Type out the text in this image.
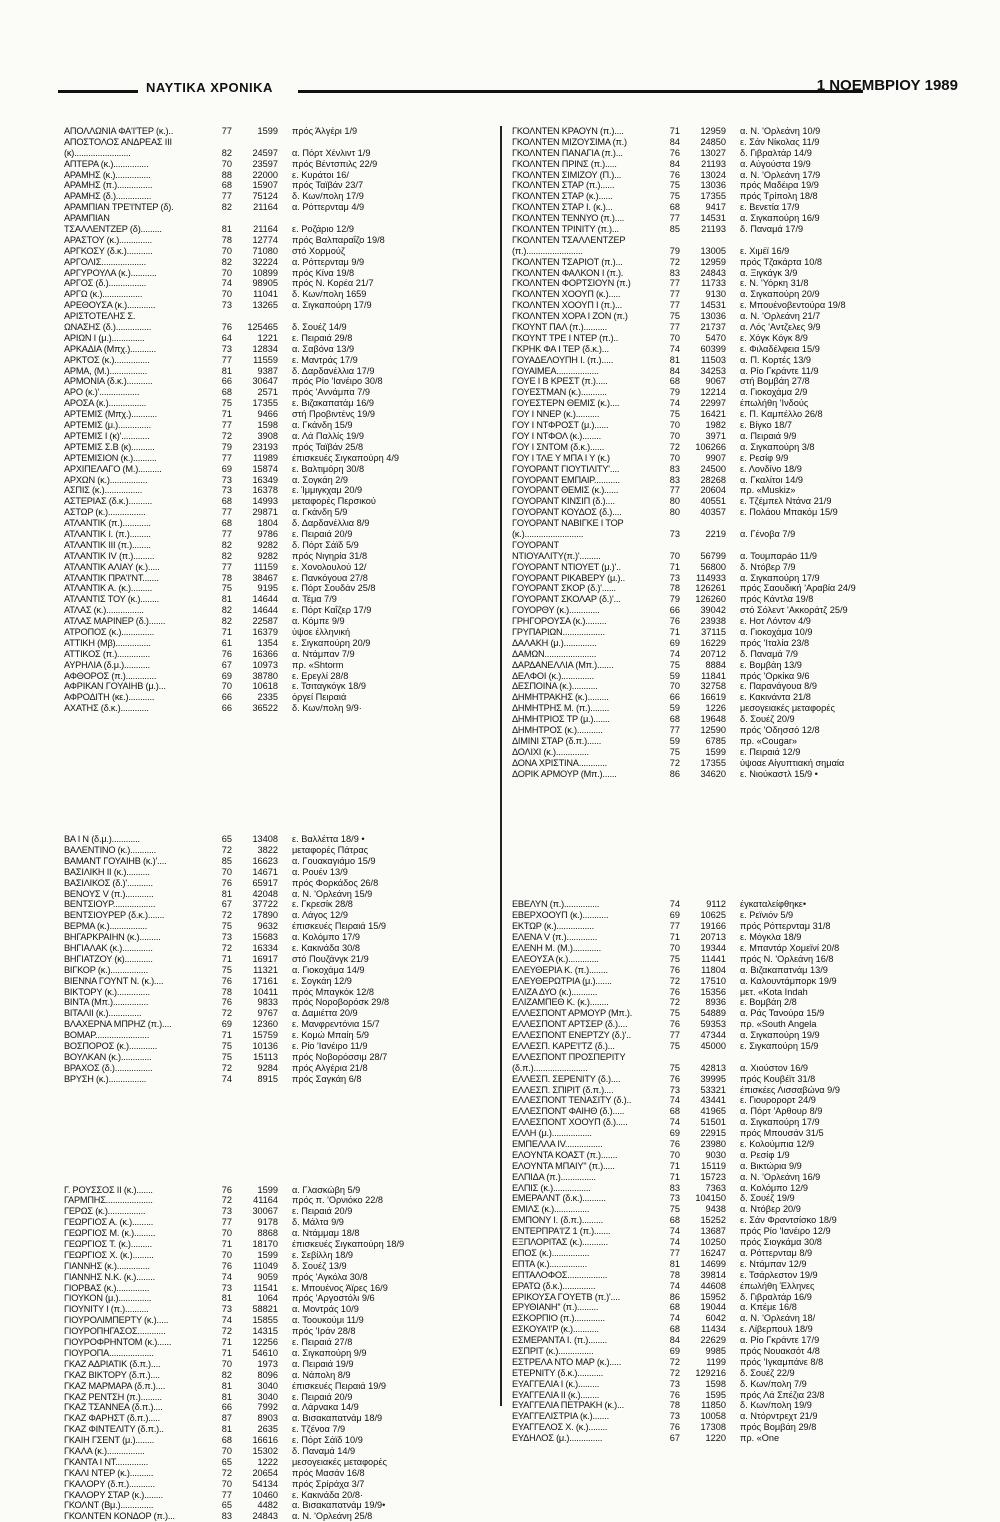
ΝΑΥΤΙΚΑ ΧΡΟΝΙΚΑ	1 ΝΟΕΜΒΡΙΟΥ 1989
ΑΠΟΛΛΩΝΙΑ ΦΑ'Ι'ΤΕΡ (κ.)..	77	1599	πρός Άλγέρι 1/9
ΑΠΟΣΤΟΛΟΣ ΑΝΔΡΕΑΣ ΙΙΙ
(κ)........................	82	24597	α. Πόρτ Χένλιντ 1/9
ΑΠΤΕΡΑ (κ.)...............	70	23597	πρός Βέντσπιλς 22/9
ΑΡΑΜΗΣ (κ.)...............	88	22000	ε. Κυράτοι 16/
ΑΡΑΜΗΣ (π.)...............	68	15907	πρός Ταϊβάν 23/7
ΑΡΑΜΗΣ (δ.)...............	77	75124	δ. Κων/πολη 17/9
ΑΡΑΜΠΙΑΝ ΤΡΕ'Ι'ΝΤΕΡ (δ).	82	21164	α. Ρόττερνταμ 4/9
ΑΡΑΜΠΙΑΝ
ΤΣΑΛΛΕΝΤΖΕΡ (δ).........	81	21164	ε. Ροζάριο 12/9
ΑΡΑΣΤΟΥ (κ.)..............	78	12774	πρός Βαλπαραΐζο 19/8
ΑΡΓΚΟΣΥ (δ.κ.)...........	70	71080	στό Χορμούζ
ΑΡΓΟΛΙΣ...................	82	32224	α. Ρόττερνταμ 9/9
ΑΡΓΥΡΟΥΛΑ (κ.)...........	70	10899	πρός Κίνα 19/8
ΑΡΓΟΣ (δ.)................	74	98905	πρός Ν. Κορέα 21/7
ΑΡΓΩ (κ.).................	70	11041	δ. Κων/πολη 1659
ΑΡΕΘΟΥΣΑ (κ.)............	73	13265	α. Σιγκαπούρη 17/9
ΑΡΙΣΤΟΤΕΛΗΣ Σ.
ΩΝΑΣΗΣ (δ.)...............	76	125465	δ. Σουέζ 14/9
ΑΡΙΩΝ Ι (μ.)..............	64	1221	ε. Πειραιά 29/8
ΑΡΚΑΔΙΑ (Μπχ.)...........	73	12834	α. Σαβόνα 13/9
ΑΡΚΤΟΣ (κ.)...............	77	11559	ε. Μαντράς 17/9
ΑΡΜΑ, (Μ.)................	81	9387	δ. Δαρδανέλλια 17/9
ΑΡΜΟΝΙΑ (δ.κ.)...........	66	30647	πρός Ρίο 'Ιανέιρο 30/8
ΑΡΟ (κ.)'.................	68	2571	πρός 'Αννάμπα 7/9
ΑΡΟΣΑ (κ.)................	75	17355	ε. Βιζακαπατάμ 16/9
ΑΡΤΕΜΙΣ (Μπχ.)...........	71	9466	στή Προβιντένς 19/9
ΑΡΤΕΜΙΣ (μ.)..............	77	1598	α. Γκάνδη 15/9
ΑΡΤΕΜΙΣ Ι (κ)'............	72	3908	α. Λά Παλλίς 19/9
ΑΡΤΕΜΙΣ Σ.Β (κ)..........	79	23193	πρός Ταϊβάν 25/8
ΑΡΤΕΜΙΣΙΟΝ (κ.)..........	77	11989	έπισκευές Σιγκαπούρη 4/9
ΑΡΧΙΠΕΛΑΓΟ (Μ.)..........	69	15874	ε. Βαλτιμόρη 30/8
ΑΡΧΩΝ (κ.)................	73	16349	α. Σογκάη 2/9
ΑΣΠΙΣ (κ.)................	73	16378	ε. Ίμμιγκχαμ 20/9
ΑΣΤΕΡΙΑΣ (δ.κ.)..........	68	14993	μεταφορές Περσικού
ΑΣΤΩΡ (κ.)................	77	29871	α. Γκάνδη 5/9
ΑΤΛΑΝΤΙΚ (π.)............	68	1804	δ. Δαρδανέλλια 8/9
ΑΤΛΑΝΤΙΚ Ι. (π.).........	77	9786	ε. Πειραιά 20/9
ΑΤΛΑΝΤΙΚ ΙΙΙ (π.)........	82	9282	δ. Πόρτ Σάϊδ 5/9
ΑΤΛΑΝΤΙΚ ΙV (π.).........	82	9282	πρός Νιγηρία 31/8
ΑΤΛΑΝΤΙΚ ΑΛΙΑΥ (κ.).....	77	11159	ε. Χονολουλού 12/
ΑΤΛΑΝΤΙΚ ΠΡΑ'Ι'ΝΤ.......	78	38467	ε. Πανκόγουα 27/8
ΑΤΛΑΝΤΙΚ Α. (κ.).........	75	9195	ε. Πόρτ Σουδάν 25/8
ΑΤΛΑΝΤΙΣ ΤΟΥ (κ.)........	81	14644	α. Τέμα 7/9
ΑΤΛΑΣ (κ.)................	82	14644	ε. Πόρτ Καΐζερ 17/9
ΑΤΛΑΣ ΜΑΡΙΝΕΡ (δ.).......	82	22587	α. Κόμπε 9/9
ΑΤΡΟΠΟΣ (κ.)..............	71	16379	ύψοε έλληνική
ΑΤΤΙΚΗ (Μβ)...............	61	1354	ε. Σιγκαπούρη 20/9
ΑΤΤΙΚΟΣ (π.)..............	76	16366	α. Ντάμπαν 7/9
ΑΥΡΗΛΙΑ (δ.μ.)...........	67	10973	πρ. «Shtorm
ΑΦΘΟΡΟΣ (π.).............	69	38780	ε. Ερεγλί 28/8
ΑΦΡΙΚΑΝ ΓΟΥΑΙΗΒ (μ.)...	70	10618	ε. Τσιταγκόγκ 18/9
ΑΦΡΟΔΙΤΗ (κε.)...........	66	2335	όργεί Πειραιά
ΑΧΑΤΗΣ (δ.κ.)............	66	36522	δ. Κων/πολη 9/9·
ΒΑ Ι Ν (δ.μ.)............	65	13408	ε. Βαλλέττα 18/9 •
ΒΑΛΕΝΤΙΝΟ (κ.)...........	72	3822	μεταφορές Πάτρας
ΒΑΜΑΝΤ ΓΟΥΑΙΗΒ (κ.)'....	85	16623	α. Γουακαγιάμο 15/9
ΒΑΣΙΛΙΚΗ ΙΙ (κ.)..........	70	14671	α. Ρουέν 13/9
ΒΑΣΙΛΙΚΟΣ (δ.)'...........	76	65917	πρός Φορκάδος 26/8
ΒΕΝΟΥΣ V (π.)............	81	42048	α. Ν. 'Ορλεάνη 15/9
ΒΕΝΤΣΙΟΥΡ..................	67	37722	ε. Γκρεσίκ 28/8
ΒΕΝΤΣΙΟΥΡΕΡ (δ.κ.).......	72	17890	α. Λάγος 12/9
ΒΕΡΜΑ (κ.)................	75	9632	έπισκευές Πειραιά 15/9
ΒΗΓΑΡΚΡΑΙΗΝ (κ.).........	73	15683	α. Κολόμπο 17/9
ΒΗΓΙΑΛΑΚ (κ.).............	72	16334	ε. Κακινάδα 30/8
ΒΗΓΙΑΤΖΟΥ (κ)............	71	16917	στό Πουζάνγκ 21/9
ΒΙΓΚΟΡ (κ.)................	75	11321	α. Γιοκοχάμα 14/9
ΒΙΕΝΝΑ ΓΟΥΝΤ Ν. (κ.)....	76	17161	ε. Σογκάη 12/9
ΒΙΚΤΟΡΥ (κ.)..............	78	10411	πρός Μπαγκόκ 12/8
ΒΙΝΤΑ (Μπ.)...............	76	9833	πρός Νοροβορόσκ 29/8
ΒΙΤΑΛΙΙ (κ.)..............	72	9767	α. Δαμιέττα 20/9
ΒΛΑΧΕΡΝΑ ΜΠΡΗΖ (π.)....	69	12360	ε. Μανφρεντόνια 15/7
ΒΟΜΑΡ.......................	71	15759	ε. Κομώ Μπαίη 5/9
ΒΟΣΠΟΡΟΣ (κ.)............	75	10136	ε. Ρίο 'Ιανέιρο 11/9
ΒΟΥΛΚΑΝ (κ.).............	75	15113	πρός Νοβορόσσιμ 28/7
ΒΡΑΧΟΣ (δ.)................	72	9284	πρός Αλγέρια 21/8
ΒΡΥΣΗ (κ.)................	74	8915	πρός Σαγκάη 6/8
Γ. ΡΟΥΣΣΟΣ ΙΙ (κ.).......	76	1599	α. Γλασκώβη 5/9
ΓΑΡΜΠΗΣ....................	72	41164	πρός π. 'Ορνιόκο 22/8
ΓΕΡΩΣ (κ.)................	73	30067	ε. Πειραιά 20/9
ΓΕΩΡΓΙΟΣ Α. (κ.).........	77	9178	δ. Μάλτα 9/9
ΓΕΩΡΓΙΟΣ Μ. (κ.).........	70	8868	α. Ντάμμαμ 18/8
ΓΕΩΡΓΙΟΣ Τ. (κ.).........	71	18170	έπισκευές Σιγκαπούρη 18/9
ΓΕΩΡΓΙΟΣ Χ. (κ.).........	70	1599	ε. Σεβίλλη 18/9
ΓΙΑΝΝΗΣ (κ.)..............	76	11049	δ. Σουέζ 13/9
ΓΙΑΝΝΗΣ Ν.Κ. (κ.)........	74	9059	πρός 'Αγκόλα 30/8
ΓΙΟΡΒΑΣ (κ.)..............	73	11541	ε. Μπουένος Άϊρες 16/9
ΓΙΟΥΚΟΝ (μ.)..............	81	1064	πρός 'Αργοστόλι 9/6
ΓΙΟΥΝΙΤΥ Ι (π.)..........	73	58821	α. Μοντράς 10/9
ΓΙΟΥΡΟΛΙΜΠΕΡΤΥ (κ.).....	74	15855	α. Τοουκούμι 11/9
ΓΙΟΥΡΟΠΗΓΑΣΟΣ............	72	14315	πρός 'Ιράν 28/8
ΓΙΟΥΡΟΦΡΗΝΤΟΜ (κ.)......	71	12256	ε. Πειραιά 27/8
ΓΙΟΥΡΟΠΑ...................	71	54610	α. Σιγκαπούρη 9/9
ΓΚΑΖ ΑΔΡΙΑΤΙΚ (δ.π.)....	70	1973	α. Πειραιά 19/9
ΓΚΑΖ ΒΙΚΤΟΡΥ (δ.π.)....	82	8096	α. Νάπολη 8/9
ΓΚΑΖ ΜΑΡΜΑΡΑ (δ.π.)....	81	3040	έπισκευές Πειραιά 19/9
ΓΚΑΖ ΡΕΝΤΣΗ (π.).........	81	3040	ε. Πειραιά 20/9
ΓΚΑΖ ΤΣΑΝΝΕΑ (δ.π.)....	66	7992	α. Λάρνακα 14/9
ΓΚΑΖ ΦΑΡΗΣΤ (δ.π.).....	87	8903	α. Βισακαπατνάμ 18/9
ΓΚΑΖ ΦΙΝΤΕΛΙΤΥ (δ.π.)..	81	2635	ε. Τζένοα 7/9
ΓΚΑΙΗ ΓΣΕΝΤ (μ.)........	68	16616	ε. Πόρτ Σάϊδ 10/9
ΓΚΑΛΑ (κ.)................	70	15302	δ. Παναμά 14/9
ΓΚΑΝΤΑ Ι ΝΤ..............	65	1222	μεσογειακές μεταφορές
ΓΚΑΛΙ ΝΤΕΡ (κ.)..........	72	20654	πρός Μασάν 16/8
ΓΚΑΛΟΡΥ (δ.π.)...........	70	54134	πρός Σρίράχα 3/7
ΓΚΑΛΟΡΥ ΣΤΑΡ (κ.)........	77	10460	ε. Κακινάδα 20/8·
ΓΚΟΛΝΤ (Βμ.)..............	65	4482	α. Βισακαπατνάμ 19/9•
ΓΚΟΛΝΤΕΝ ΚΟΝΔΟΡ (π.)...	83	24843	α. Ν. 'Ορλεάνη 25/8
ΓΚΟΛΝΤΕΝ ΚΡΑΟΥΝ (π.)....	71	12959	α. Ν. 'Ορλεάνη 10/9
ΓΚΟΛΝΤΕΝ ΜΙΖΟΥΣΙΜΑ (π.)	84	24850	ε. Σάν Νίκολας 11/9
ΓΚΟΛΝΤΕΝ ΠΑΝΑΓΙΑ (π.)...	76	13027	δ. Γιβραλτάρ 14/9
ΓΚΟΛΝΤΕΝ ΠΡΙΝΣ (π.).....	84	21193	α. Αύγούστα 19/9
ΓΚΟΛΝΤΕΝ ΣΙΜΙΖΟΥ (Π.)...	76	13024	α. Ν. 'Ορλεάνη 17/9
ΓΚΟΛΝΤΕΝ ΣΤΑΡ (π.)......	75	13036	πρός Μαδέιρα 19/9
ΓΚΟΛΝΤΕΝ ΣΤΑΡ (κ.)......	75	17355	πρός Τρίπολη 18/8
ΓΚΟΛΝΤΕΝ ΣΤΑΡ Ι. (κ.)...	68	9417	ε. Βενετία 17/9
ΓΚΟΛΝΤΕΝ ΤΕΝΝΥΟ (π.)....	77	14531	α. Σιγκαπούρη 16/9
ΓΚΟΛΝΤΕΝ ΤΡΙΝΙΤΥ (π.)...	85	21193	δ. Παναμά 17/9
ΓΚΟΛΝΤΕΝ ΤΣΑΛΛΕΝΤΖΕΡ
(π.)........................	79	13005	ε. Χιμέϊ 16/9
ΓΚΟΛΝΤΕΝ ΤΣΑΡΙΟΤ (π.)...	72	12959	πρός Τζακάρτα 10/8
ΓΚΟΛΝΤΕΝ ΦΑΛΚΟΝ Ι (π.).	83	24843	α. Ξιγκάγκ 3/9
ΓΚΟΛΝΤΕΝ ΦΟΡΤΣΙΟΥΝ (π.)	77	11733	ε. Ν. 'Υόρκη 31/8
ΓΚΟΛΝΤΕΝ ΧΟΟΥΠ (κ.).....	77	9130	α. Σιγκαπούρη 20/9
ΓΚΟΛΝΤΕΝ ΧΟΟΥΠ Ι (π.)...	77	14531	ε. Μπουένοβεντούρα 19/8
ΓΚΟΛΝΤΕΝ ΧΟΡΑ Ι ΖΟΝ (π.)	75	13036	α. Ν. 'Ορλεάνη 21/7
ΓΚΟΥΝΤ ΠΑΛ (π.)..........	77	21737	α. Λός 'Αντζελες 9/9
ΓΚΟΥΝΤ ΤΡΕ Ι ΝΤΕΡ (π.)..	70	5470	ε. Χόγκ Κόγκ 8/9
ΓΚΡΗΚ ΦΑ Ι ΤΕΡ (δ.κ.)...	74	60399	ε. Φιλαδέλφεια 15/9
ΓΟΥΑΔΕΛΟΥΠΗ Ι. (π.).....	81	11503	α. Π. Κορτές 13/9
ΓΟΥΑΙΜΕΑ..................	84	34253	α. Ρίο Γκράντε 11/9
ΓΟΥΕ Ι Β ΚΡΕΣΤ (π.).....	68	9067	στή Βομβάη 27/8
ΓΟΥΕΣΤΜΑΝ (κ.)...........	79	12214	α. Γιοκοχάμα 2/9
ΓΟΥΕΣΤΕΡΝ ΘΕΜΙΣ (κ.)....	74	22997	έπωλήθη 'Ινδούς
ΓΟΥ Ι ΝΝΕΡ (κ.)..........	75	16421	ε. Π. Καμπέλλο 26/8
ΓΟΥ Ι ΝΤΦΡΟΣΤ (μ.)......	70	1982	ε. Βίγκο 18/7
ΓΟΥ Ι ΝΤΦΟΛ (κ.)........	70	3971	α. Πειραιά 9/9
ΓΟΥ Ι ΣΝΤΟΜ (δ.κ.)......	72	106266	α. Σιγκαπούρη 3/8
ΓΟΥ Ι ΤΛΕ Υ ΜΠΑ Ι Υ (κ.)	70	9907	ε. Ρεσίφ 9/9
ΓΟΥΟΡΑΝΤ ΓΙΟΥΤΙΛΙΤΥ'....	83	24500	ε. Λονδίνο 18/9
ΓΟΥΟΡΑΝΤ ΕΜΠΑΙΡ...........	83	28268	α. Γκαλίτοι 14/9
ΓΟΥΟΡΑΝΤ ΘΕΜΙΣ (κ.)......	77	20604	πρ. «Muskiz»
ΓΟΥΟΡΑΝΤ ΚΙΝΣΙΠ (δ.)....	80	40551	ε. Τζέμπελ Ντάνα 21/9
ΓΟΥΟΡΑΝΤ ΚΟΥΔΟΣ (δ.)....	80	40357	ε. Πολάου Μπακόμ 15/9
ΓΟΥΟΡΑΝΤ ΝΑΒΙΓΚΕ Ι ΤΟΡ
(κ.).........................	73	2219	α. Γένοβα 7/9
ΓΟΥΟΡΑΝΤ
ΝΤΙΟΥΑΛΙΤΥ(π.)'.........	70	56799	α. Τουμπαρáο 11/9
ΓΟΥΟΡΑΝΤ ΝΤΙΟΥΕΤ (μ.)'..	71	56800	δ. Ντόβερ 7/9
ΓΟΥΟΡΑΝΤ ΡΙΚΑΒΕΡΥ (μ.)..	73	114933	α. Σιγκαπούρη 17/9
ΓΟΥΟΡΑΝΤ ΣΚΟΡ (δ.)'......	78	126261	πρός Σαουδική 'Αραβία 24/9
ΓΟΥΟΡΑΝΤ ΣΚΟΛΑΡ (δ.)'...	79	126260	πρός Κάντλα 19/8
ΓΟΥΟΡΘΥ (κ.).............	66	39042	στό Σόλεντ 'Ακκοράτζ 25/9
ΓΡΗΓΟΡΟΥΣΑ (κ.).........	76	23938	ε. Ηοτ Λόντον 4/9
ΓΡΥΠΑΡΙΩΝ..................	71	37115	α. Γιοκοχάμα 10/9
ΔΑΛΑΚΗ (μ.)..............	69	16229	πρός 'Ιταλία 23/8
ΔΑΜΩΝ......................	74	20712	δ. Παναμά 7/9
ΔΑΡΔΑΝΕΛΛΙΑ (Μπ.).......	75	8884	ε. Βομβάη 13/9
ΔΕΛΦΟΙ (κ.)..............	59	11841	πρός 'Ορκίκα 9/6
ΔΕΣΠΟΙΝΑ (κ.)...........	70	32758	ε. Παρανάγουα 8/9
ΔΗΜΗΤΡΑΚΗΣ (κ.).........	66	16619	ε. Κακινάντα 21/8
ΔΗΜΗΤΡΗΣ Μ. (π.)........	59	1226	μεσογειακές μεταφορές
ΔΗΜΗΤΡΙΟΣ ΤΡ (μ.).......	68	19648	δ. Σουέζ 20/9
ΔΗΜΗΤΡΟΣ (κ.)...........	77	12590	πρός 'Οδησσό 12/8
ΔΙΜΙΝΙ ΣΤΑΡ (δ.π.)......	59	6785	πρ. «Cougar»
ΔΟΛΙΧΙ (κ.)..............	75	1599	ε. Πειραιά 12/9
ΔΟΝΑ ΧΡΙΣΤΙΝΑ............	72	17355	ύψοαε Αίγυπτιακή σημαία
ΔΟΡΙΚ ΑΡΜΟΥΡ (Μπ.)......	86	34620	ε. Νιούκαστλ 15/9 •
ΕΒΕΛΥΝ (π.)...............	74	9112	έγκαταλείφθηκε•
ΕΒΕΡΧΟΟΥΠ (κ.)...........	69	10625	ε. Ρεϊνιόν 5/9
ΕΚΤΩΡ (κ.)................	77	19166	πρός Ρόττερνταμ 31/8
ΕΛΕΝΑ V (π.).............	71	20713	ε. Μόγκλα 18/9
ΕΛΕΝΗ Μ. (Μ.)............	70	19344	ε. Μπαντάρ Χομεϊνί 20/8
ΕΛΕΟΥΣΑ (κ.).............	75	11441	πρός Ν. 'Ορλεάνη 16/8
ΕΛΕΥΘΕΡΙΑ Κ. (π.)........	76	11804	α. Βιζακαπατνάμ 13/9
ΕΛΕΥΘΕΡΩΤΡΙΑ (μ.).......	72	17510	α. Καλουντάμπορκ 19/9
ΕΛΙΖΑ ΔΥΟ (κ.)...........	76	15356	μετ. «Kota Indah
ΕΛΙΖΑΜΠΕΘ Κ. (κ.)........	72	8936	ε. Βομβάη 2/8
ΕΛΛΕΣΠΟΝΤ ΑΡΜΟΥΡ (Μπ.).	75	54889	α. Ράς Τανούρα 15/9
ΕΛΛΕΣΠΟΝΤ ΑΡΤΣΕΡ (δ.)....	76	59353	πρ. «South Angela
ΕΛΛΕΣΠΟΝΤ ΕΝΕΡΤΖΥ (δ.)'..	77	47344	α. Σιγκαπούρη 19/9
ΕΛΛΕΣΠ. ΚΑΡΕ'Ι'ΤΖ (δ.)...	75	45000	ε. Σιγκαπούρη 15/9
ΕΛΛΕΣΠΟΝΤ ΠΡΟΣΠΕΡΙΤΥ
(δ.π.).......................	75	42813	α. Χιούστον 16/9
ΕΛΛΕΣΠ. ΣΕΡΕΝΙΤΥ (δ.)....	76	39995	πρός Κουβέϊτ 31/8
ΕΛΛΕΣΠ. ΣΠΙΡΙΤ (δ.π.)....	73	53321	έπισκέες Λισσαβώνα 9/9
ΕΛΛΕΣΠΟΝΤ ΤΕΝΑΣΙΤΥ (δ.)..	74	43441	ε. Γιουρορορτ 24/9
ΕΛΛΕΣΠΟΝΤ ΦΑΙΗΘ (δ.).....	68	41965	α. Πόρτ 'Αρθουρ 8/9
ΕΛΛΕΣΠΟΝΤ ΧΟΟΥΠ (δ.).....	74	51501	α. Σιγκαπούρη 17/9
ΕΛΛΗ (μ.).................	69	22915	πρός Μπουσάν 31/5
ΕΜΠΕΛΛΑ ΙV................	76	23980	ε. Κολούμπια 12/9
ΕΛΟΥΝΤΑ ΚΟΑΣΤ (π.).......	70	9030	α. Ρεσίφ 1/9
ΕΛΟΥΝΤΑ ΜΠΑΙΥ'' (π.).....	71	15119	α. Βικτώρια 9/9
ΕΛΠΙΔΑ (π.)...............	71	15723	α. Ν. 'Ορλεάνη 16/9
ΕΛΠΙΣ (κ.)................	83	7363	α. Κολόμπο 12/9
ΕΜΕΡΑΛΝΤ (δ.κ.)..........	73	104150	δ. Σουέζ 19/9
ΕΜΙΛΣ (κ.)...............	75	9438	α. Ντόβερ 20/9
ΕΜΠΟΝΥ Ι. (δ.π.).........	68	15252	ε. Σάν Φραντσίσκο 18/9
ΕΝΤΕΡΠΡΑ'Ι'Ζ 1 (π.).......	74	13687	πρός Ρίο 'Ιανέιρο 12/9
ΕΞΠΛΟΡΙΤΑΣ (κ.)...........	74	10250	πρός Σιογκάμα 30/8
ΕΠΟΣ (κ.)................	77	16247	α. Ρόττερνταμ 8/9
ΕΠΤΑ (κ.)................	81	14699	ε. Ντάμπαν 12/9
ΕΠΤΑΛΟΦΟΣ.................	78	39814	ε. Τσάρλεστον 19/9
ΕΡΑΤΩ (δ.κ.)..............	74	44608	έπωλήθη Έλληνες
ΕΡΙΚΟΥΣΑ ΓΟΥΕΤΒ (π.)'....	86	15952	δ. Γιβραλτάρ 16/9
ΕΡΥΘΙΑΝΗ'' (π.).........	68	19044	α. Κπέμε 16/8
ΕΣΚΟΡΠΙΟ (π.).............	74	6042	α. Ν. 'Ορλεάνη 18/
ΕΣΚΟΥΑ'Ι'Ρ (κ.)...........	68	11434	ε. Λίβερπουλ 18/9
ΕΣΜΕΡΑΝΤΑ Ι. (π.)........	84	22629	α. Ρίο Γκράντε 17/9
ΕΣΠΡΙΤ (κ.)...............	69	9985	πρός Νουακσότ 4/8
ΕΣΤΡΕΛΑ ΝΤΟ ΜΑΡ (κ.).....	72	1199	πρός 'Ιγκαμπάνε 8/8
ΕΤΕΡΝΙΤΥ (δ.κ.)...........	72	129216	δ. Σουέζ 22/9
ΕΥΑΓΓΕΛΙΑ Ι (κ.).........	73	1598	δ. Κων/πολη 7/9
ΕΥΑΓΓΕΛΙΑ ΙΙ (κ.)........	76	1595	πρός Λά Σπέζια 23/8
ΕΥΑΓΓΕΛΙΑ ΠΕΤΡΑΚΗ (κ.)...	78	11850	δ. Κων/πολη 19/9
ΕΥΑΓΓΕΛΙΣΤΡΙΑ (κ.).......	73	10058	α. Ντόρντρεχτ 21/9
ΕΥΑΓΓΕΛΟΣ Χ. (κ.)........	76	17308	πρός Βομβάη 29/8
ΕΥΔΗΛΟΣ (μ.)..............	67	1220	πρ. «One
